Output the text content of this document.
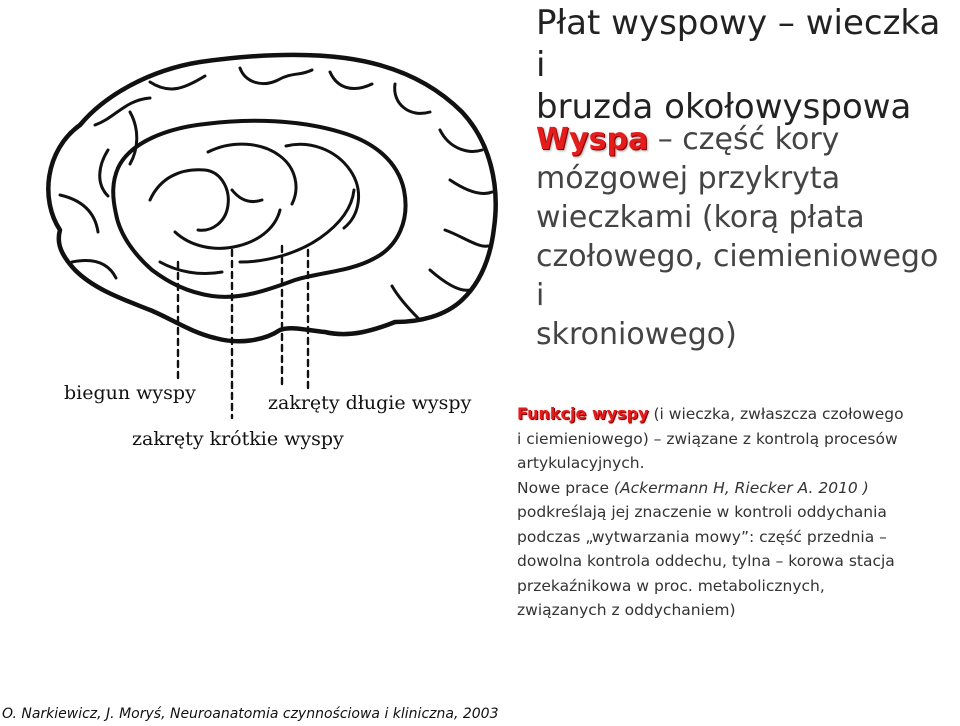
Płat wyspowy – wieczka i
bruzda okołowyspowa
Wyspa – część kory
mózgowej przykryta
wieczkami (korą płata
czołowego, ciemieniowego i
skroniowego)
Funkcje wyspy (i wieczka, zwłaszcza czołowego
i ciemieniowego) – związane z kontrolą procesów
artykulacyjnych.
Nowe prace (Ackermann H, Riecker A. 2010 )
podkreślają jej znaczenie w kontroli oddychania
podczas „wytwarzania mowy”: część przednia –
dowolna kontrola oddechu, tylna – korowa stacja
przekaźnikowa w proc. metabolicznych,
związanych z oddychaniem)

biegun wyspy	zakręty długie wyspy

zakręty krótkie wyspy

O. Narkiewicz, J. Moryś, Neuroanatomia czynnościowa i kliniczna, 2003
